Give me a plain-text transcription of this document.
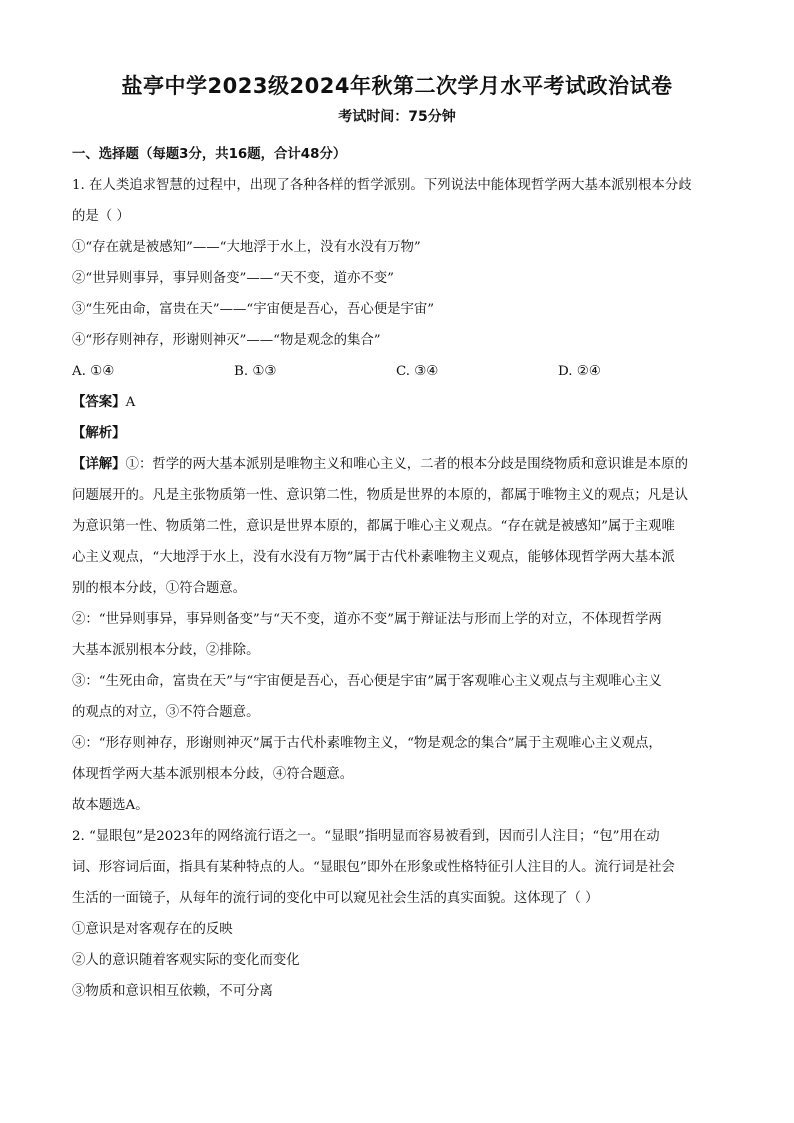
盐亭中学2023级2024年秋第二次学月水平考试政治试卷
考试时间：75分钟
一、选择题（每题3分，共16题，合计48分）
1. 在人类追求智慧的过程中，出现了各种各样的哲学派别。下列说法中能体现哲学两大基本派别根本分歧
的是（ ）
①“存在就是被感知”——“大地浮于水上，没有水没有万物”
②“世异则事异，事异则备变”——“天不变，道亦不变”
③“生死由命，富贵在天”——“宇宙便是吾心，吾心便是宇宙”
④“形存则神存，形谢则神灭”——“物是观念的集合”
A. ①④	B. ①③	C. ③④	D. ②④
【答案】A
【解析】
【详解】①：哲学的两大基本派别是唯物主义和唯心主义，二者的根本分歧是围绕物质和意识谁是本原的
问题展开的。凡是主张物质第一性、意识第二性，物质是世界的本原的，都属于唯物主义的观点；凡是认
为意识第一性、物质第二性，意识是世界本原的，都属于唯心主义观点。“存在就是被感知”属于主观唯
心主义观点，“大地浮于水上，没有水没有万物”属于古代朴素唯物主义观点，能够体现哲学两大基本派
别的根本分歧，①符合题意。
②：“世异则事异，事异则备变”与“天不变，道亦不变”属于辩证法与形而上学的对立，不体现哲学两
大基本派别根本分歧，②排除。
③：“生死由命，富贵在天”与“宇宙便是吾心，吾心便是宇宙”属于客观唯心主义观点与主观唯心主义
的观点的对立，③不符合题意。
④：“形存则神存，形谢则神灭”属于古代朴素唯物主义，“物是观念的集合”属于主观唯心主义观点，
体现哲学两大基本派别根本分歧，④符合题意。
故本题选A。
2. “显眼包”是2023年的网络流行语之一。“显眼”指明显而容易被看到，因而引人注目；“包”用在动
词、形容词后面，指具有某种特点的人。“显眼包”即外在形象或性格特征引人注目的人。流行词是社会
生活的一面镜子，从每年的流行词的变化中可以窥见社会生活的真实面貌。这体现了（ ）
①意识是对客观存在的反映
②人的意识随着客观实际的变化而变化
③物质和意识相互依赖，不可分离
